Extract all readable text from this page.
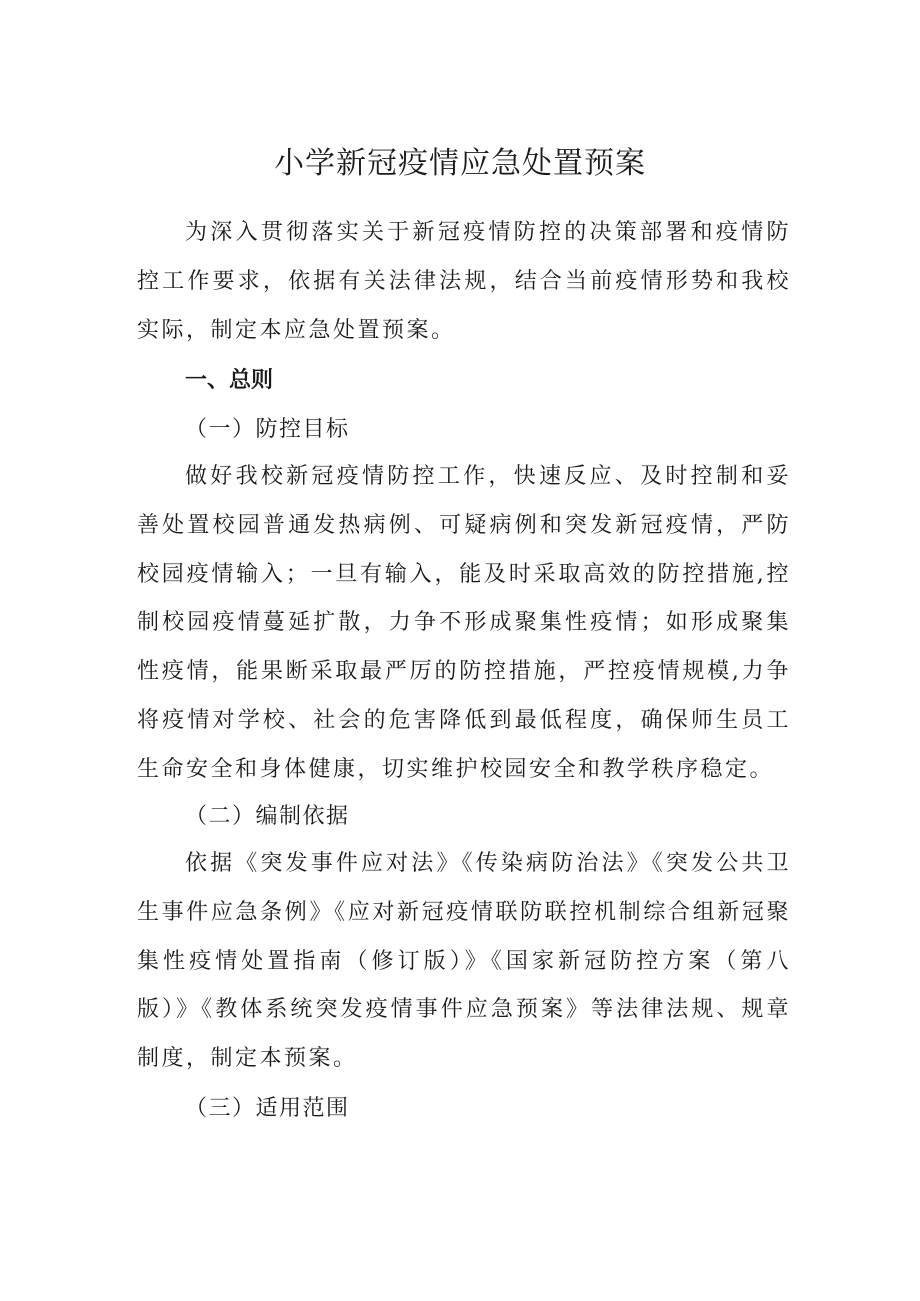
小学新冠疫情应急处置预案

为深入贯彻落实关于新冠疫情防控的决策部署和疫情防控工作要求，依据有关法律法规，结合当前疫情形势和我校实际，制定本应急处置预案。

一、总则

（一）防控目标

做好我校新冠疫情防控工作，快速反应、及时控制和妥善处置校园普通发热病例、可疑病例和突发新冠疫情，严防校园疫情输入；一旦有输入，能及时采取高效的防控措施,控制校园疫情蔓延扩散，力争不形成聚集性疫情；如形成聚集性疫情，能果断采取最严厉的防控措施，严控疫情规模,力争将疫情对学校、社会的危害降低到最低程度，确保师生员工生命安全和身体健康，切实维护校园安全和教学秩序稳定。

（二）编制依据

依据《突发事件应对法》《传染病防治法》《突发公共卫生事件应急条例》《应对新冠疫情联防联控机制综合组新冠聚集性疫情处置指南（修订版）》《国家新冠防控方案（第八版）》《教体系统突发疫情事件应急预案》等法律法规、规章制度，制定本预案。

（三）适用范围
